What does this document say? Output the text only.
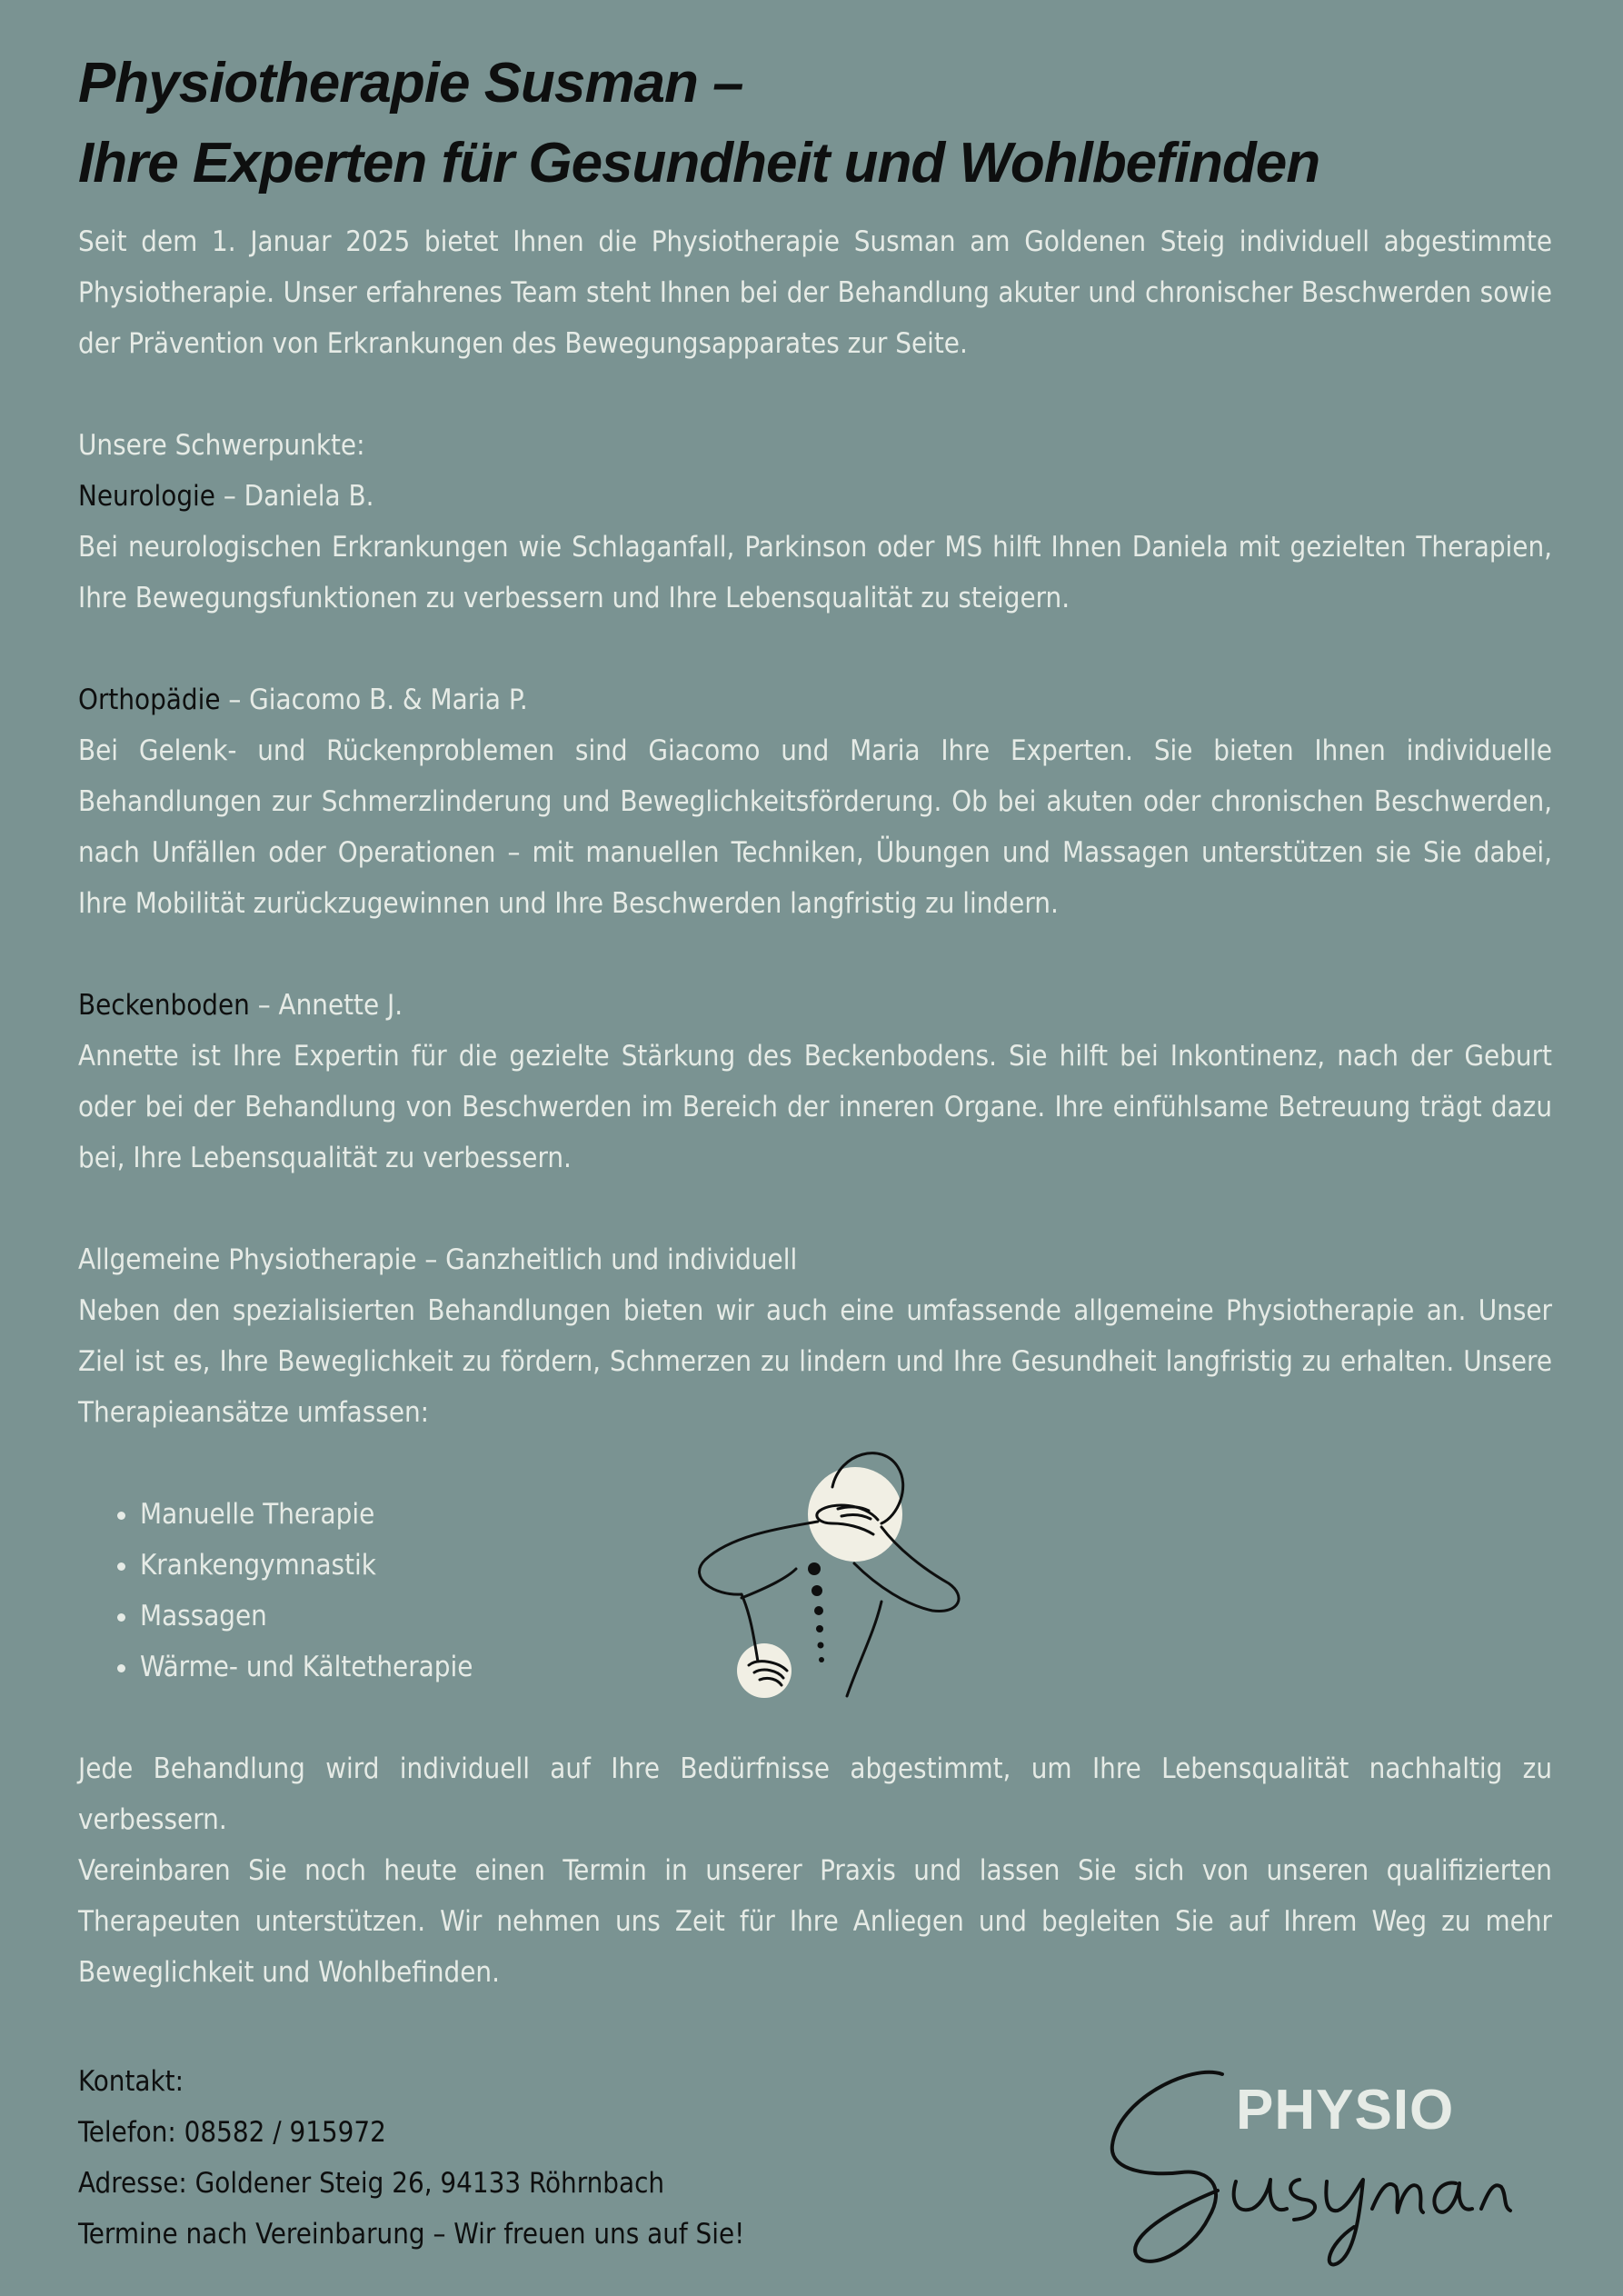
Physiotherapie Susman –
Ihre Experten für Gesundheit und Wohlbefinden

Seit dem 1. Januar 2025 bietet Ihnen die Physiotherapie Susman am Goldenen Steig individuell abgestimmte Physiotherapie. Unser erfahrenes Team steht Ihnen bei der Behandlung akuter und chronischer Beschwerden sowie der Prävention von Erkrankungen des Bewegungsapparates zur Seite.

Unsere Schwerpunkte:

Neurologie – Daniela B.

Bei neurologischen Erkrankungen wie Schlaganfall, Parkinson oder MS hilft Ihnen Daniela mit gezielten Therapien, Ihre Bewegungsfunktionen zu verbessern und Ihre Lebensqualität zu steigern.

Orthopädie – Giacomo B. & Maria P.

Bei Gelenk- und Rückenproblemen sind Giacomo und Maria Ihre Experten. Sie bieten Ihnen individuelle Behandlungen zur Schmerzlinderung und Beweglichkeitsförderung. Ob bei akuten oder chronischen Beschwerden, nach Unfällen oder Operationen – mit manuellen Techniken, Übungen und Massagen unterstützen sie Sie dabei, Ihre Mobilität zurückzugewinnen und Ihre Beschwerden langfristig zu lindern.

Beckenboden – Annette J.

Annette ist Ihre Expertin für die gezielte Stärkung des Beckenbodens. Sie hilft bei Inkontinenz, nach der Geburt oder bei der Behandlung von Beschwerden im Bereich der inneren Organe. Ihre einfühlsame Betreuung trägt dazu bei, Ihre Lebensqualität zu verbessern.

Allgemeine Physiotherapie – Ganzheitlich und individuell

Neben den spezialisierten Behandlungen bieten wir auch eine umfassende allgemeine Physiotherapie an. Unser Ziel ist es, Ihre Beweglichkeit zu fördern, Schmerzen zu lindern und Ihre Gesundheit langfristig zu erhalten. Unsere Therapieansätze umfassen:

• Manuelle Therapie
• Krankengymnastik
• Massagen
• Wärme- und Kältetherapie

Jede Behandlung wird individuell auf Ihre Bedürfnisse abgestimmt, um Ihre Lebensqualität nachhaltig zu verbessern.

Vereinbaren Sie noch heute einen Termin in unserer Praxis und lassen Sie sich von unseren qualifizierten Therapeuten unterstützen. Wir nehmen uns Zeit für Ihre Anliegen und begleiten Sie auf Ihrem Weg zu mehr Beweglichkeit und Wohlbefinden.

Kontakt:
Telefon: 08582 / 915972
Adresse: Goldener Steig 26, 94133 Röhrnbach
Termine nach Vereinbarung – Wir freuen uns auf Sie!
PHYSIO
